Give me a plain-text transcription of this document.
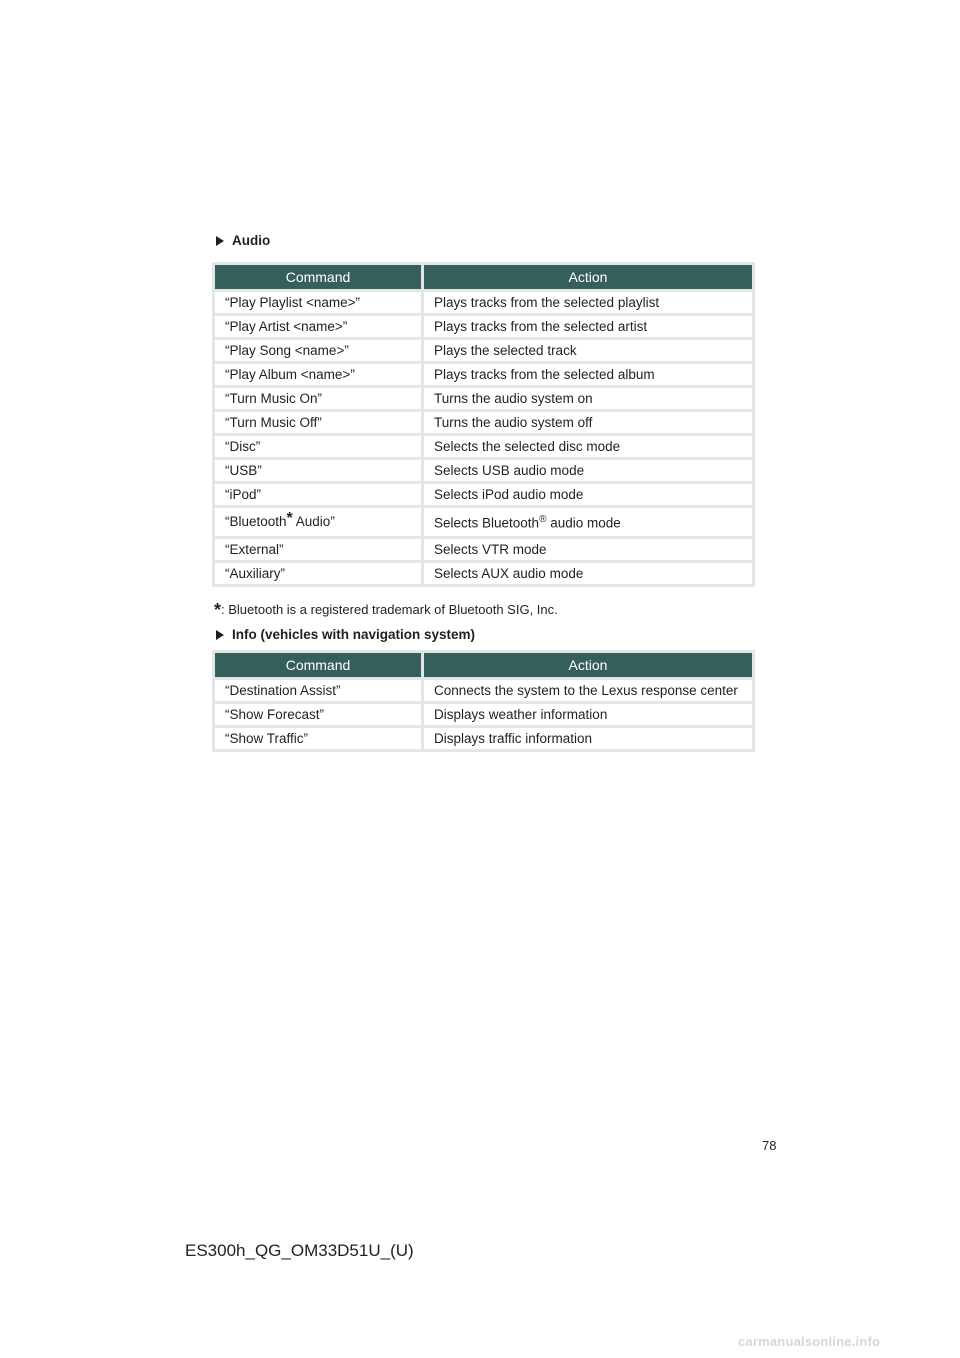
Audio
Command	Action
“Play Playlist <name>”	Plays tracks from the selected playlist
“Play Artist <name>”	Plays tracks from the selected artist
“Play Song <name>”	Plays the selected track
“Play Album <name>”	Plays tracks from the selected album
“Turn Music On”	Turns the audio system on
“Turn Music Off”	Turns the audio system off
“Disc”	Selects the selected disc mode
“USB”	Selects USB audio mode
“iPod”	Selects iPod audio mode
“Bluetooth* Audio”	Selects Bluetooth® audio mode
“External”	Selects VTR mode
“Auxiliary”	Selects AUX audio mode
*: Bluetooth is a registered trademark of Bluetooth SIG, Inc.
Info (vehicles with navigation system)
Command	Action
“Destination Assist”	Connects the system to the Lexus response center
“Show Forecast”	Displays weather information
“Show Traffic”	Displays traffic information
78
ES300h_QG_OM33D51U_(U)
carmanualsonline.info
